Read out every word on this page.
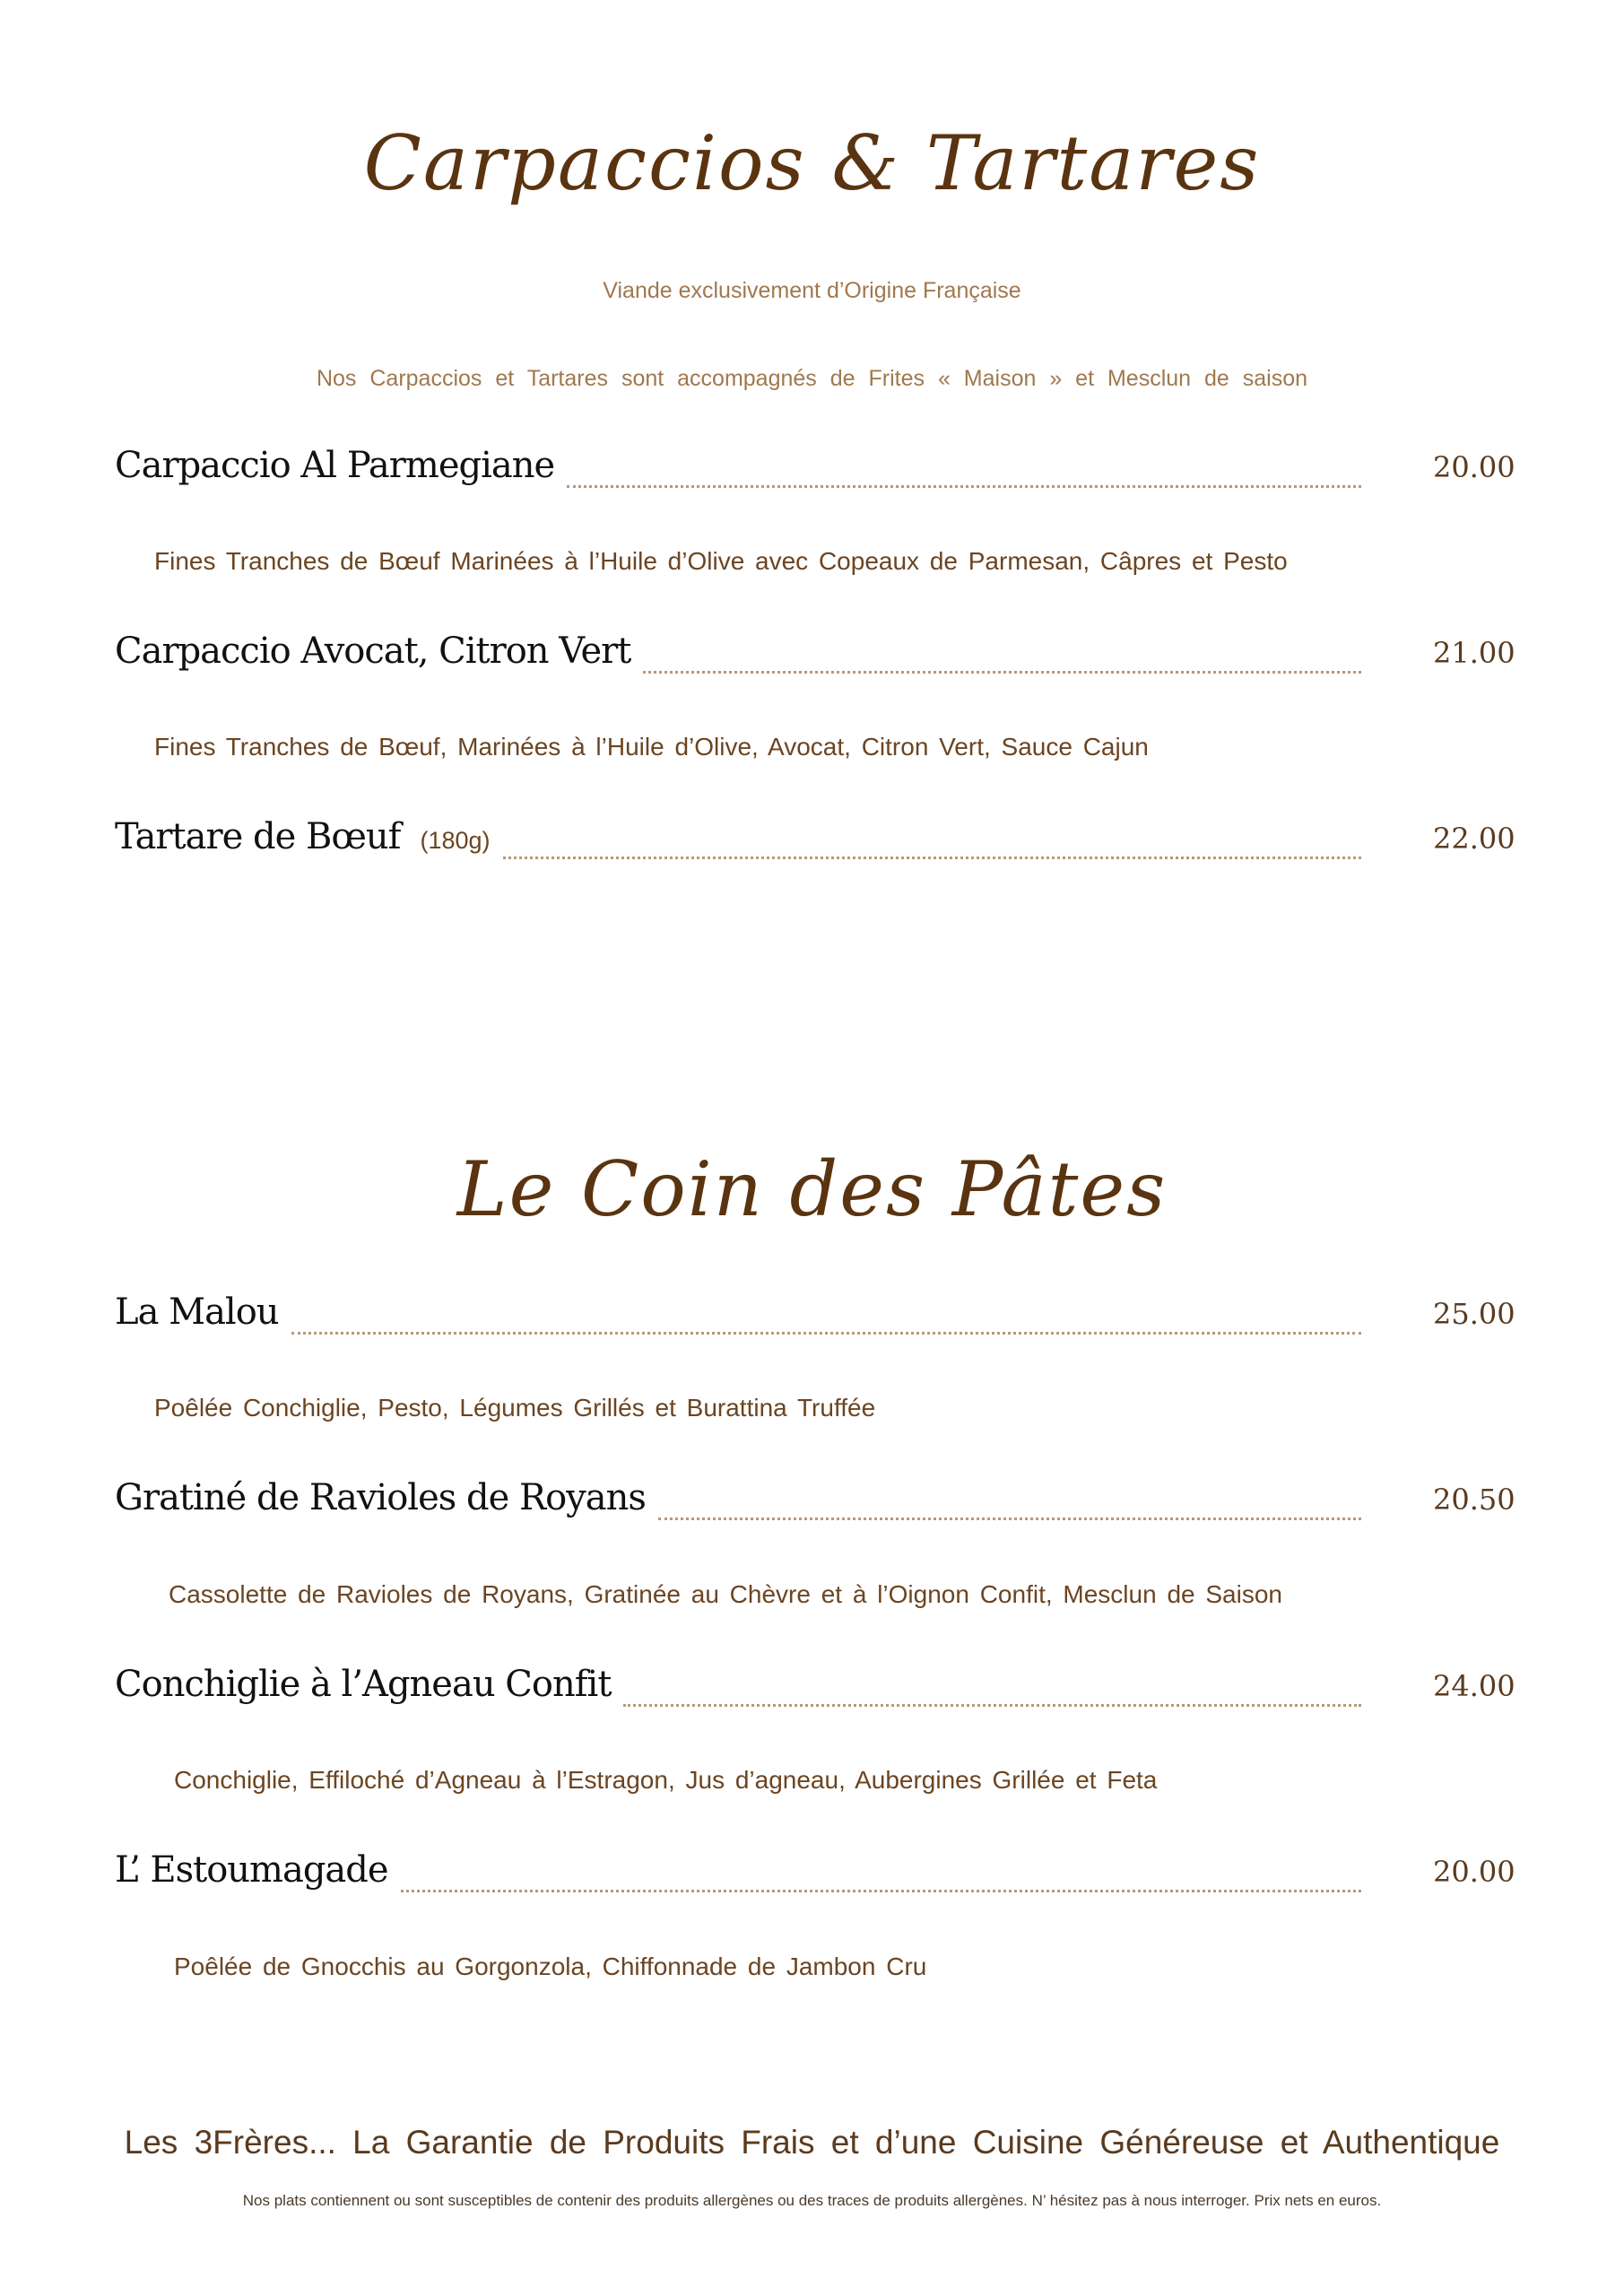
Carpaccios & Tartares
Viande exclusivement d’Origine Française
Nos Carpaccios et Tartares sont accompagnés de Frites « Maison » et Mesclun de saison
Carpaccio Al Parmegiane	20.00
Fines Tranches de Bœuf Marinées à l’Huile d’Olive avec Copeaux de Parmesan, Câpres et Pesto
Carpaccio Avocat, Citron Vert	21.00
Fines Tranches de Bœuf, Marinées à l’Huile d’Olive, Avocat, Citron Vert, Sauce Cajun
Tartare de Bœuf (180g)	22.00
Le Coin des Pâtes
La Malou	25.00
Poêlée Conchiglie, Pesto, Légumes Grillés et Burattina Truffée
Gratiné de Ravioles de Royans	20.50
Cassolette de Ravioles de Royans, Gratinée au Chèvre et à l’Oignon Confit, Mesclun de Saison
Conchiglie à l’Agneau Confit	24.00
Conchiglie, Effiloché d’Agneau à l’Estragon, Jus d’agneau, Aubergines Grillée et Feta
L’ Estoumagade	20.00
Poêlée de Gnocchis au Gorgonzola, Chiffonnade de Jambon Cru
Les 3Frères... La Garantie de Produits Frais et d’une Cuisine Généreuse et Authentique
Nos plats contiennent ou sont susceptibles de contenir des produits allergènes ou des traces de produits allergènes. N’ hésitez pas à nous interroger. Prix nets en euros.
